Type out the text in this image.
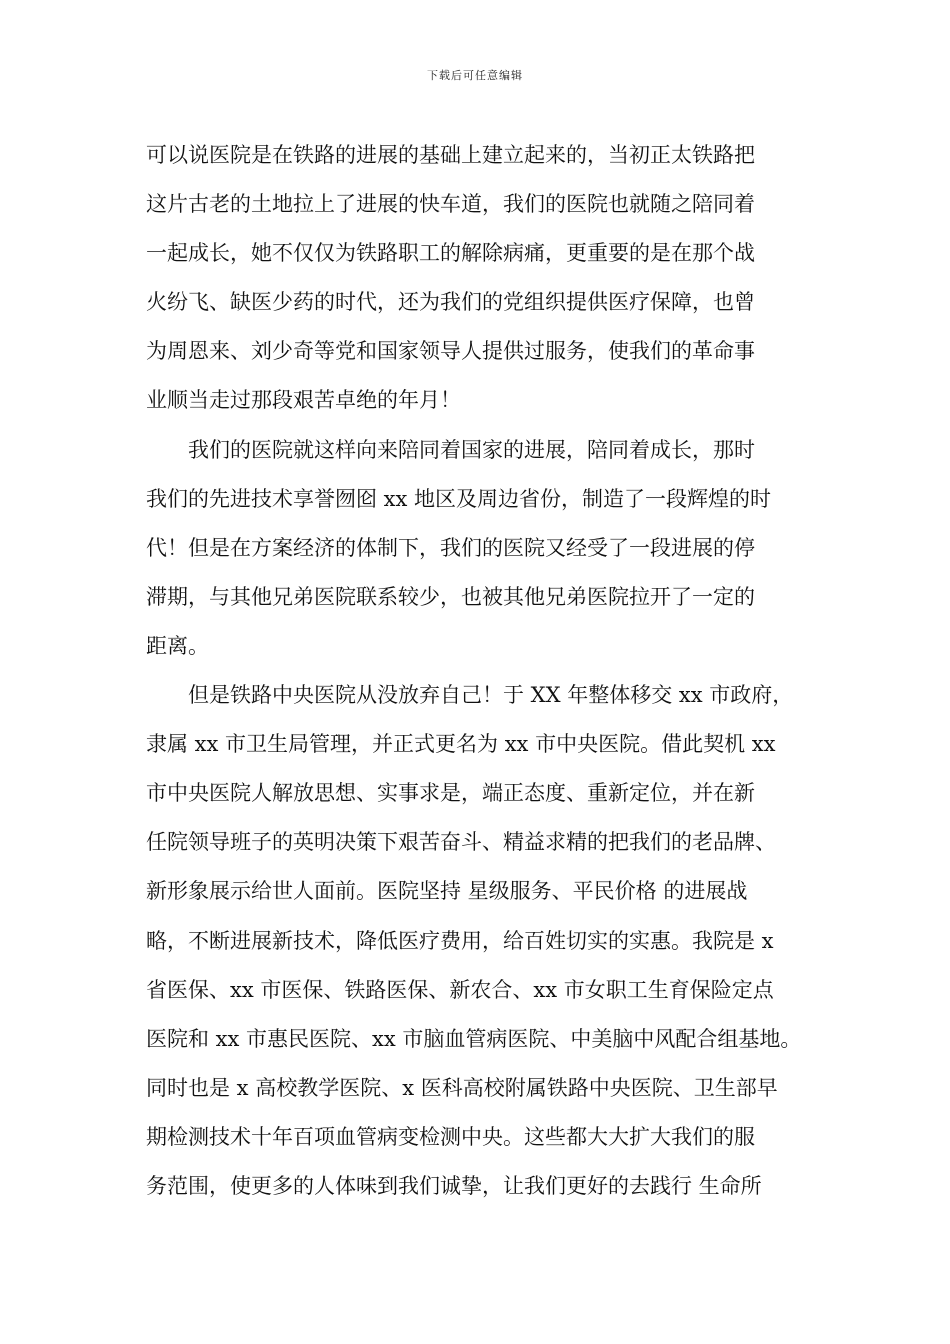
下载后可任意编辑
可以说医院是在铁路的进展的基础上建立起来的，当初正太铁路把
这片古老的土地拉上了进展的快车道，我们的医院也就随之陪同着
一起成长，她不仅仅为铁路职工的解除病痛，更重要的是在那个战
火纷飞、缺医少药的时代，还为我们的党组织提供医疗保障，也曾
为周恩来、刘少奇等党和国家领导人提供过服务，使我们的革命事
业顺当走过那段艰苦卓绝的年月！
我们的医院就这样向来陪同着国家的进展，陪同着成长，那时
我们的先进技术享誉囫囵 xx 地区及周边省份，制造了一段辉煌的时
代！但是在方案经济的体制下，我们的医院又经受了一段进展的停
滞期，与其他兄弟医院联系较少，也被其他兄弟医院拉开了一定的
距离。
但是铁路中央医院从没放弃自己！于 XX 年整体移交 xx 市政府，
隶属 xx 市卫生局管理，并正式更名为 xx 市中央医院。借此契机 xx
市中央医院人解放思想、实事求是，端正态度、重新定位，并在新
任院领导班子的英明决策下艰苦奋斗、精益求精的把我们的老品牌、
新形象展示给世人面前。医院坚持 星级服务、平民价格 的进展战
略，不断进展新技术，降低医疗费用，给百姓切实的实惠。我院是 x
省医保、xx 市医保、铁路医保、新农合、xx 市女职工生育保险定点
医院和 xx 市惠民医院、xx 市脑血管病医院、中美脑中风配合组基地。
同时也是 x 高校教学医院、x 医科高校附属铁路中央医院、卫生部早
期检测技术十年百项血管病变检测中央。这些都大大扩大我们的服
务范围，使更多的人体味到我们诚挚，让我们更好的去践行 生命所
